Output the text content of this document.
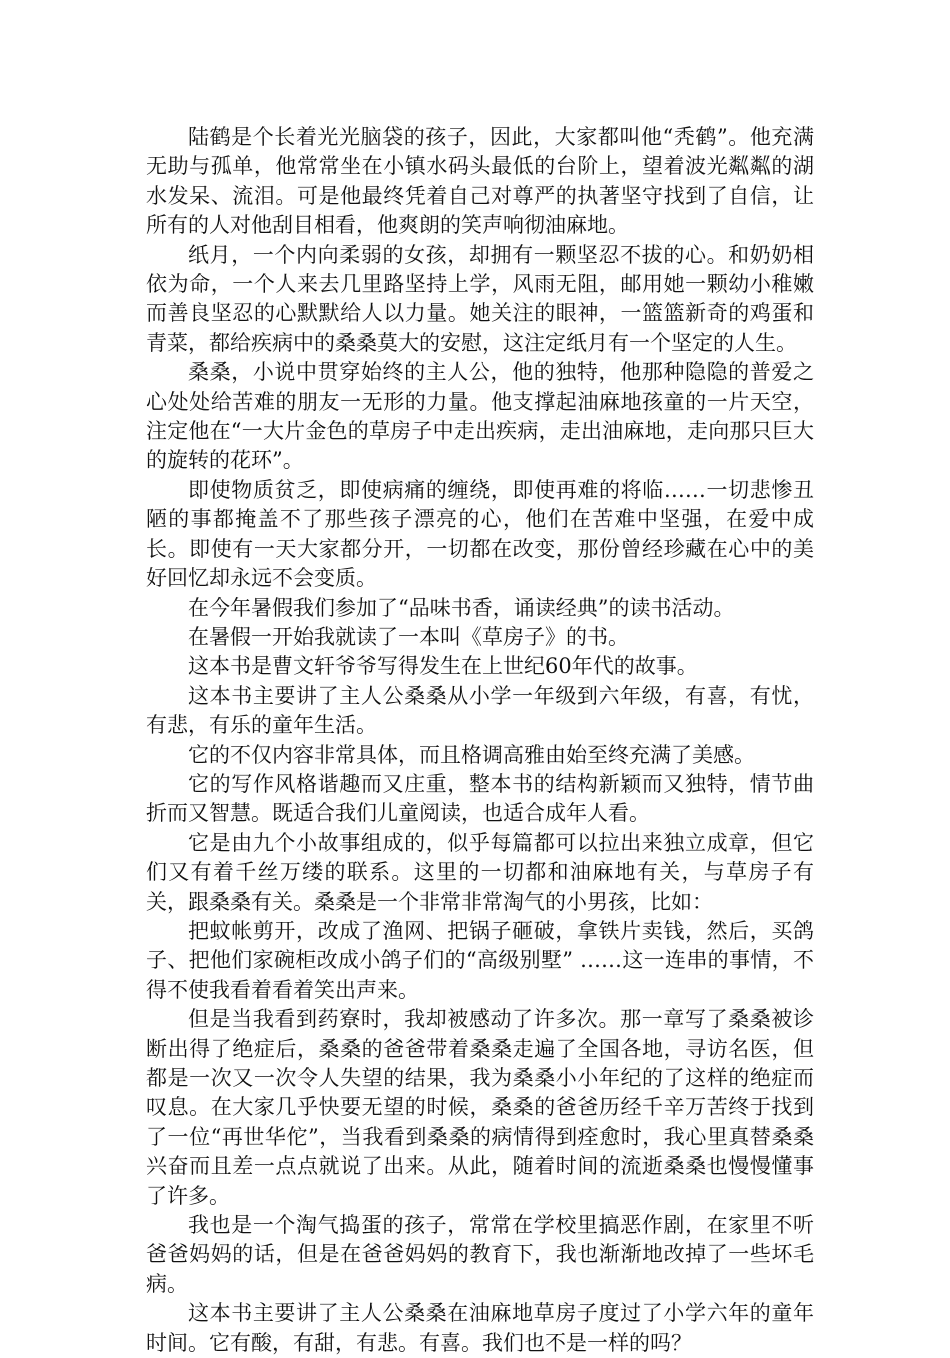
陆鹤是个长着光光脑袋的孩子，因此，大家都叫他“秃鹤”。他充满无助与孤单，他常常坐在小镇水码头最低的台阶上，望着波光粼粼的湖水发呆、流泪。可是他最终凭着自己对尊严的执著坚守找到了自信，让所有的人对他刮目相看，他爽朗的笑声响彻油麻地。

纸月，一个内向柔弱的女孩，却拥有一颗坚忍不拔的心。和奶奶相依为命，一个人来去几里路坚持上学，风雨无阻，邮用她一颗幼小稚嫩而善良坚忍的心默默给人以力量。她关注的眼神，一篮篮新奇的鸡蛋和青菜，都给疾病中的桑桑莫大的安慰，这注定纸月有一个坚定的人生。

桑桑，小说中贯穿始终的主人公，他的独特，他那种隐隐的普爱之心处处给苦难的朋友一无形的力量。他支撑起油麻地孩童的一片天空，注定他在“一大片金色的草房子中走出疾病，走出油麻地，走向那只巨大的旋转的花环”。

即使物质贫乏，即使病痛的缠绕，即使再难的将临……一切悲惨丑陋的事都掩盖不了那些孩子漂亮的心，他们在苦难中坚强，在爱中成长。即使有一天大家都分开，一切都在改变，那份曾经珍藏在心中的美好回忆却永远不会变质。

在今年暑假我们参加了“品味书香，诵读经典”的读书活动。

在暑假一开始我就读了一本叫《草房子》的书。

这本书是曹文轩爷爷写得发生在上世纪60年代的故事。

这本书主要讲了主人公桑桑从小学一年级到六年级，有喜，有忧，有悲，有乐的童年生活。

它的不仅内容非常具体，而且格调高雅由始至终充满了美感。

它的写作风格谐趣而又庄重，整本书的结构新颖而又独特，情节曲折而又智慧。既适合我们儿童阅读，也适合成年人看。

它是由九个小故事组成的，似乎每篇都可以拉出来独立成章，但它们又有着千丝万缕的联系。这里的一切都和油麻地有关，与草房子有关，跟桑桑有关。桑桑是一个非常非常淘气的小男孩，比如：

把蚊帐剪开，改成了渔网、把锅子砸破，拿铁片卖钱，然后，买鸽子、把他们家碗柜改成小鸽子们的“高级别墅” ……这一连串的事情，不得不使我看着看着笑出声来。

但是当我看到药寮时，我却被感动了许多次。那一章写了桑桑被诊断出得了绝症后，桑桑的爸爸带着桑桑走遍了全国各地，寻访名医，但都是一次又一次令人失望的结果，我为桑桑小小年纪的了这样的绝症而叹息。在大家几乎快要无望的时候，桑桑的爸爸历经千辛万苦终于找到了一位“再世华佗”，当我看到桑桑的病情得到痊愈时，我心里真替桑桑兴奋而且差一点点就说了出来。从此，随着时间的流逝桑桑也慢慢懂事了许多。

我也是一个淘气捣蛋的孩子，常常在学校里搞恶作剧，在家里不听爸爸妈妈的话，但是在爸爸妈妈的教育下，我也渐渐地改掉了一些坏毛病。

这本书主要讲了主人公桑桑在油麻地草房子度过了小学六年的童年时间。它有酸，有甜，有悲。有喜。我们也不是一样的吗？
